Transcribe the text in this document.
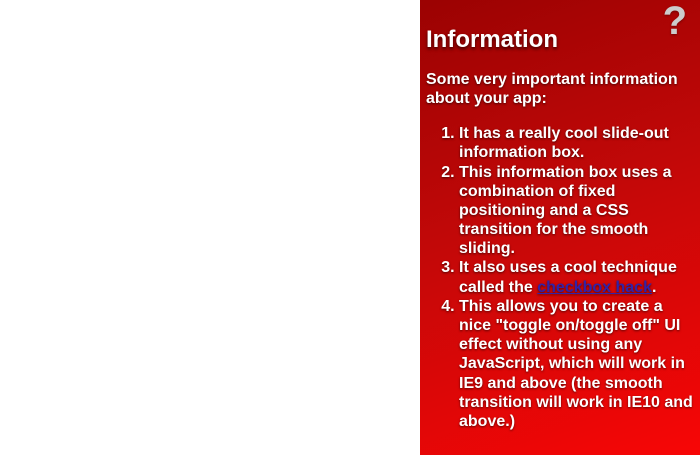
?
Information

Some very important information about your app:

1. It has a really cool slide-out information box.
2. This information box uses a combination of fixed positioning and a CSS transition for the smooth sliding.
3. It also uses a cool technique called the checkbox hack.
4. This allows you to create a nice "toggle on/toggle off" UI effect without using any JavaScript, which will work in IE9 and above (the smooth transition will work in IE10 and above.)
